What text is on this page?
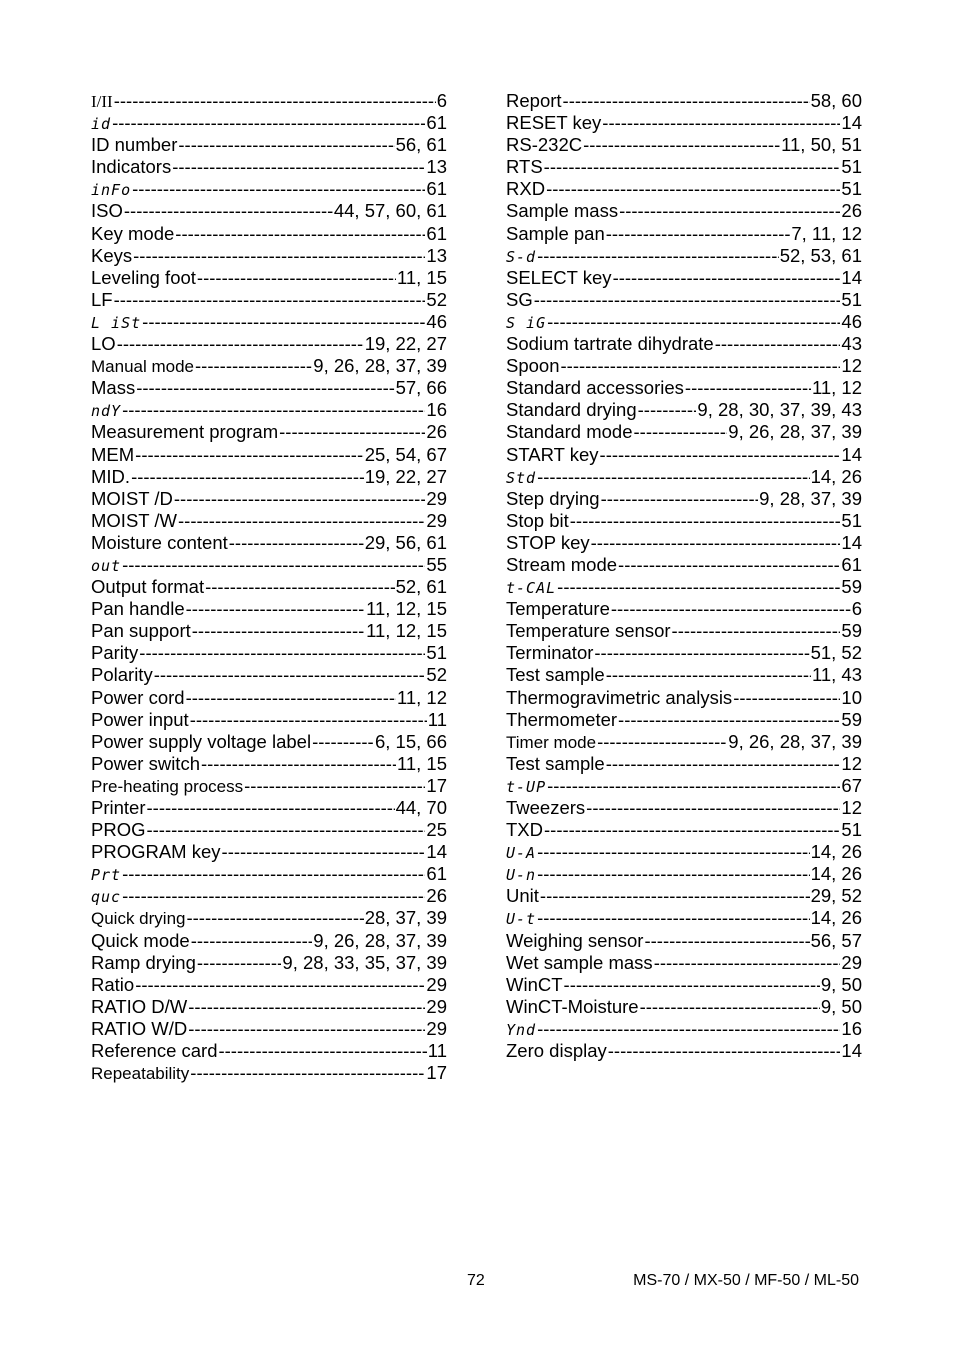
I/II -----	6
id -----	61
ID number -----	56, 61
Indicators -----	13
inFo -----	61
ISO -----	44, 57, 60, 61
Key mode -----	61
Keys -----	13
Leveling foot -----	11, 15
LF -----	52
L iSt -----	46
LO -----	19, 22, 27
Manual mode -----	9, 26, 28, 37, 39
Mass -----	57, 66
ndY -----	16
Measurement program -----	26
MEM -----	25, 54, 67
MID. -----	19, 22, 27
MOIST /D -----	29
MOIST /W -----	29
Moisture content -----	29, 56, 61
out -----	55
Output format -----	52, 61
Pan handle -----	11, 12, 15
Pan support -----	11, 12, 15
Parity -----	51
Polarity -----	52
Power cord -----	11, 12
Power input -----	11
Power supply voltage label -----	6, 15, 66
Power switch -----	11, 15
Pre-heating process -----	17
Printer -----	44, 70
PROG -----	25
PROGRAM key -----	14
Prt -----	61
quc -----	26
Quick drying -----	28, 37, 39
Quick mode -----	9, 26, 28, 37, 39
Ramp drying -----	9, 28, 33, 35, 37, 39
Ratio -----	29
RATIO D/W -----	29
RATIO W/D -----	29
Reference card -----	11
Repeatability -----	17
Report -----	58, 60
RESET key -----	14
RS-232C -----	11, 50, 51
RTS -----	51
RXD -----	51
Sample mass -----	26
Sample pan -----	7, 11, 12
S-d -----	52, 53, 61
SELECT key -----	14
SG -----	51
S iG -----	46
Sodium tartrate dihydrate -----	43
Spoon -----	12
Standard accessories -----	11, 12
Standard drying -----	9, 28, 30, 37, 39, 43
Standard mode -----	9, 26, 28, 37, 39
START key -----	14
Std -----	14, 26
Step drying -----	9, 28, 37, 39
Stop bit -----	51
STOP key -----	14
Stream mode -----	61
t-CAL -----	59
Temperature -----	6
Temperature sensor -----	59
Terminator -----	51, 52
Test sample -----	11, 43
Thermogravimetric analysis -----	10
Thermometer -----	59
Timer mode -----	9, 26, 28, 37, 39
Test sample -----	12
t-UP -----	67
Tweezers -----	12
TXD -----	51
U-A -----	14, 26
U-n -----	14, 26
Unit -----	29, 52
U-t -----	14, 26
Weighing sensor -----	56, 57
Wet sample mass -----	29
WinCT -----	9, 50
WinCT-Moisture -----	9, 50
Ynd -----	16
Zero display -----	14
72	MS-70 / MX-50 / MF-50 / ML-50
